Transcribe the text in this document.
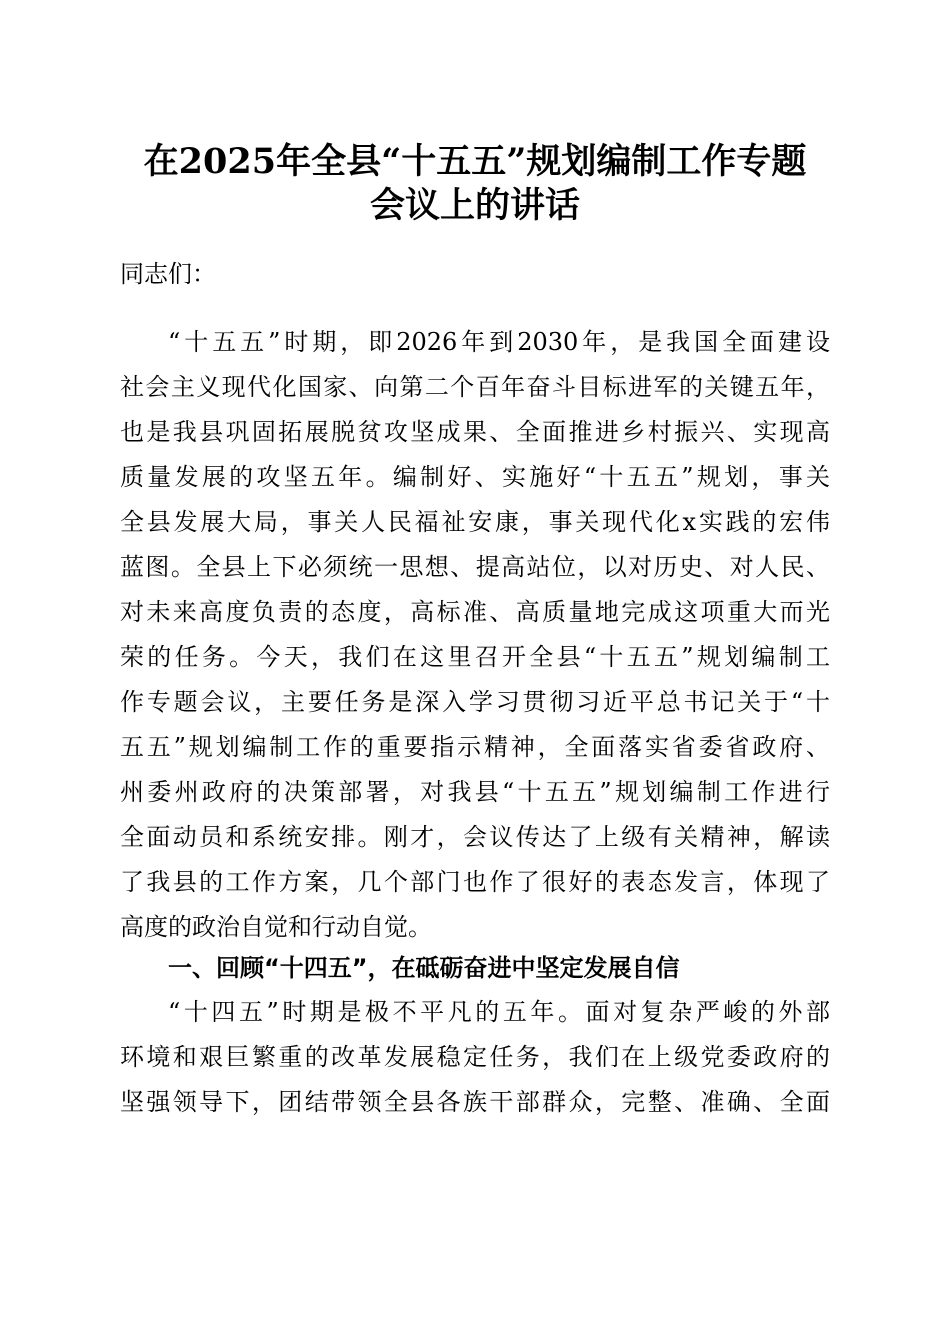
在2025年全县“十五五”规划编制工作专题
会议上的讲话
同志们：
“十五五”时期，即2026年到2030年，是我国全面建设
社会主义现代化国家、向第二个百年奋斗目标进军的关键五年，
也是我县巩固拓展脱贫攻坚成果、全面推进乡村振兴、实现高
质量发展的攻坚五年。编制好、实施好“十五五”规划，事关
全县发展大局，事关人民福祉安康，事关现代化x实践的宏伟
蓝图。全县上下必须统一思想、提高站位，以对历史、对人民、
对未来高度负责的态度，高标准、高质量地完成这项重大而光
荣的任务。今天，我们在这里召开全县“十五五”规划编制工
作专题会议，主要任务是深入学习贯彻习近平总书记关于“十
五五”规划编制工作的重要指示精神，全面落实省委省政府、
州委州政府的决策部署，对我县“十五五”规划编制工作进行
全面动员和系统安排。刚才，会议传达了上级有关精神，解读
了我县的工作方案，几个部门也作了很好的表态发言，体现了
高度的政治自觉和行动自觉。
一、回顾“十四五”，在砥砺奋进中坚定发展自信
“十四五”时期是极不平凡的五年。面对复杂严峻的外部
环境和艰巨繁重的改革发展稳定任务，我们在上级党委政府的
坚强领导下，团结带领全县各族干部群众，完整、准确、全面
